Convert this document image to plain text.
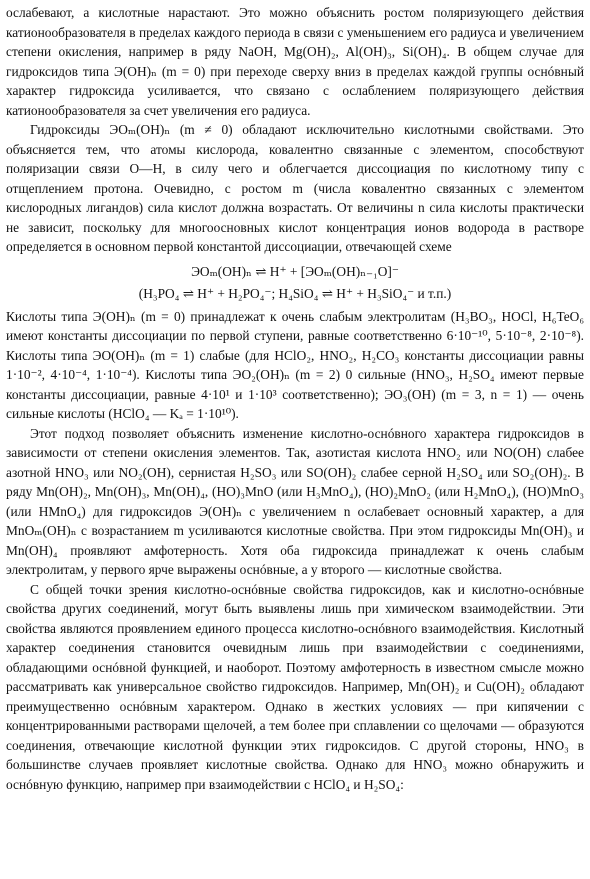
ослабевают, а кислотные нарастают. Это можно объяснить ростом поляризующего действия катионообразователя в пределах каждого периода в связи с уменьшением его радиуса и увеличением степени окисления, например в ряду NaOH, Mg(OH)₂, Al(OH)₃, Si(OH)₄. В общем случае для гидроксидов типа Э(OH)ₙ (m = 0) при переходе сверху вниз в пределах каждой группы оснóвный характер гидроксида усиливается, что связано с ослаблением поляризующего действия катионообразователя за счет увеличения его радиуса.

Гидроксиды ЭOₘ(OH)ₙ (m ≠ 0) обладают исключительно кислотными свойствами. Это объясняется тем, что атомы кислорода, ковалентно связанные с элементом, способствуют поляризации связи O—H, в силу чего и облегчается диссоциация по кислотному типу с отщеплением протона. Очевидно, с ростом m (числа ковалентно связанных с элементом кислородных лигандов) сила кислот должна возрастать. От величины n сила кислоты практически не зависит, поскольку для многоосновных кислот концентрация ионов водорода в растворе определяется в основном первой константой диссоциации, отвечающей схеме

ЭOₘ(OH)ₙ ⇌ H⁺ + [ЭOₘ(OH)ₙ₋₁O]⁻
(H₃PO₄ ⇌ H⁺ + H₂PO₄⁻; H₄SiO₄ ⇌ H⁺ + H₃SiO₄⁻ и т.п.)

Кислоты типа Э(OH)ₙ (m = 0) принадлежат к очень слабым электролитам (H₃BO₃, HOCl, H₆TeO₆ имеют константы диссоциации по первой ступени, равные соответственно 6·10⁻¹⁰, 5·10⁻⁸, 2·10⁻⁸). Кислоты типа ЭO(OH)ₙ (m = 1) слабые (для HClO₂, HNO₂, H₂CO₃ константы диссоциации равны 1·10⁻², 4·10⁻⁴, 1·10⁻⁴). Кислоты типа ЭO₂(OH)ₙ (m = 2) 0 сильные (HNO₃, H₂SO₄ имеют первые константы диссоциации, равные 4·10¹ и 1·10³ соответственно); ЭO₃(OH) (m = 3, n = 1) — очень сильные кислоты (HClO₄ — Kₐ = 1·10¹⁰).

Этот подход позволяет объяснить изменение кислотно-оснóвного характера гидроксидов в зависимости от степени окисления элементов. Так, азотистая кислота HNO₂ или NO(OH) слабее азотной HNO₃ или NO₂(OH), сернистая H₂SO₃ или SO(OH)₂ слабее серной H₂SO₄ или SO₂(OH)₂. В ряду Mn(OH)₂, Mn(OH)₃, Mn(OH)₄, (HO)₃MnO (или H₃MnO₄), (HO)₂MnO₂ (или H₂MnO₄), (HO)MnO₃ (или HMnO₄) для гидроксидов Э(OH)ₙ с увеличением n ослабевает основный характер, а для MnOₘ(OH)ₙ с возрастанием m усиливаются кислотные свойства. При этом гидроксиды Mn(OH)₃ и Mn(OH)₄ проявляют амфотерность. Хотя оба гидроксида принадлежат к очень слабым электролитам, у первого ярче выражены оснóвные, а у второго — кислотные свойства.

С общей точки зрения кислотно-оснóвные свойства гидроксидов, как и кислотно-оснóвные свойства других соединений, могут быть выявлены лишь при химическом взаимодействии. Эти свойства являются проявлением единого процесса кислотно-оснóвного взаимодействия. Кислотный характер соединения становится очевидным лишь при взаимодействии с соединениями, обладающими оснóвной функцией, и наоборот. Поэтому амфотерность в известном смысле можно рассматривать как универсальное свойство гидроксидов. Например, Mn(OH)₂ и Cu(OH)₂ обладают преимущественно оснóвным характером. Однако в жестких условиях — при кипячении с концентрированными растворами щелочей, а тем более при сплавлении со щелочами — образуются соединения, отвечающие кислотной функции этих гидроксидов. С другой стороны, HNO₃ в большинстве случаев проявляет кислотные свойства. Однако для HNO₃ можно обнаружить и оснóвную функцию, например при взаимодействии с HClO₄ и H₂SO₄:
